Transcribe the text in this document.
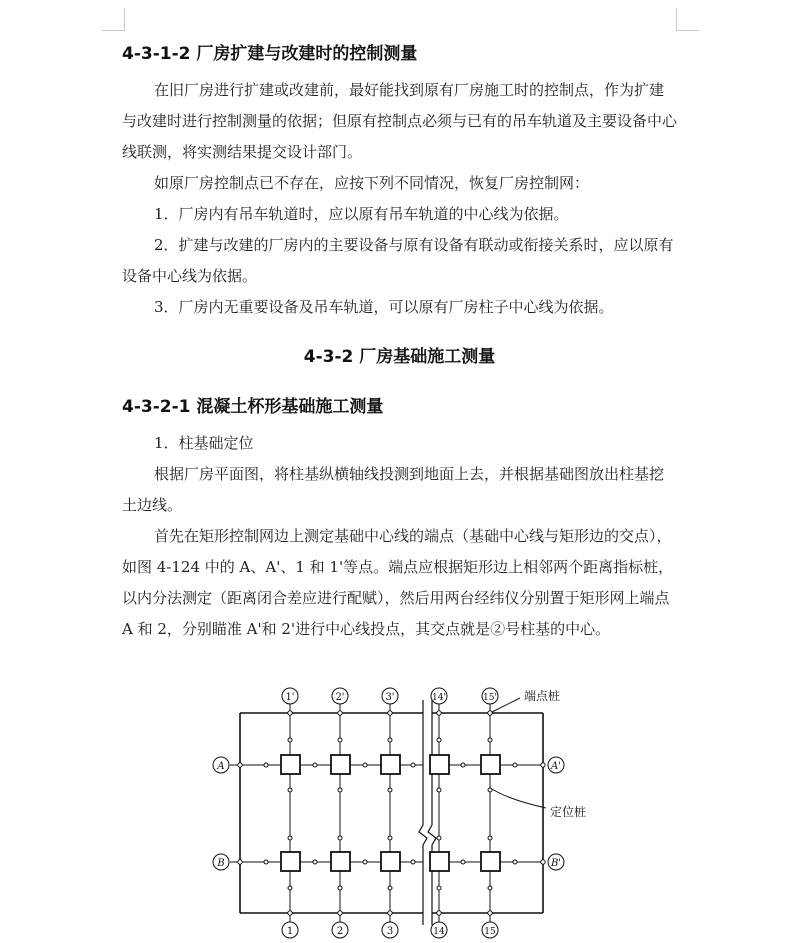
4-3-1-2 厂房扩建与改建时的控制测量
在旧厂房进行扩建或改建前，最好能找到原有厂房施工时的控制点，作为扩建与改建时进行控制测量的依据；但原有控制点必须与已有的吊车轨道及主要设备中心线联测，将实测结果提交设计部门。
如原厂房控制点已不存在，应按下列不同情况，恢复厂房控制网：
1．厂房内有吊车轨道时，应以原有吊车轨道的中心线为依据。
2．扩建与改建的厂房内的主要设备与原有设备有联动或衔接关系时，应以原有设备中心线为依据。
3．厂房内无重要设备及吊车轨道，可以原有厂房柱子中心线为依据。
4-3-2 厂房基础施工测量
4-3-2-1 混凝土杯形基础施工测量
1．柱基础定位
根据厂房平面图，将柱基纵横轴线投测到地面上去，并根据基础图放出柱基挖土边线。
首先在矩形控制网边上测定基础中心线的端点（基础中心线与矩形边的交点），如图 4-124 中的 A、A'、1 和 1'等点。端点应根据矩形边上相邻两个距离指标桩，以内分法测定（距离闭合差应进行配赋），然后用两台经纬仪分别置于矩形网上端点 A 和 2，分别瞄准 A'和 2'进行中心线投点，其交点就是②号柱基的中心。
1'	2'	3'	14'	15'
1	2	3	14	15
A
B
A'
B'
端点桩
定位桩
